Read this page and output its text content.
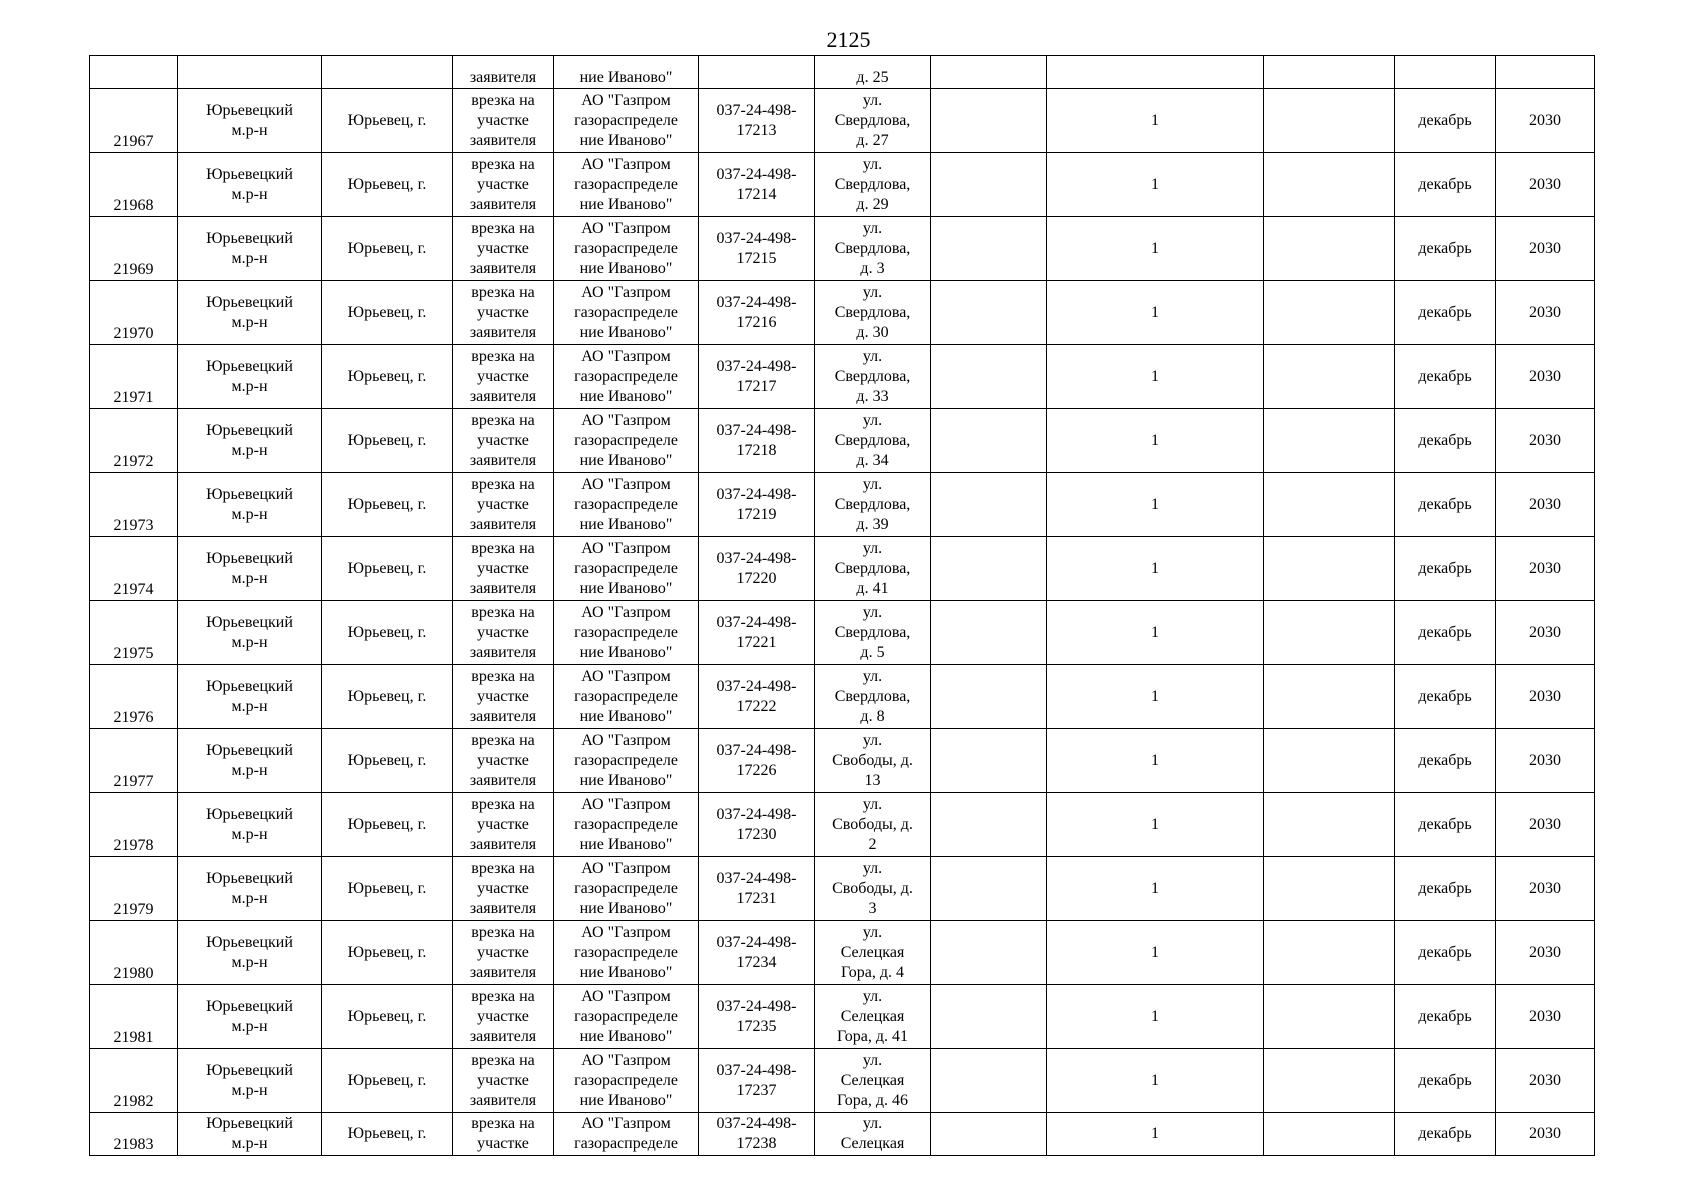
2125

			заявителя	ние Иваново"		д. 25					

21967	Юрьевецкий
м.р-н	Юрьевец, г.	врезка на
участке
заявителя	АО "Газпром
газораспределе
ние Иваново"	037-24-498-
17213	ул.
Свердлова,
д. 27		1		декабрь	2030
21968	Юрьевецкий
м.р-н	Юрьевец, г.	врезка на
участке
заявителя	АО "Газпром
газораспределе
ние Иваново"	037-24-498-
17214	ул.
Свердлова,
д. 29		1		декабрь	2030
21969	Юрьевецкий
м.р-н	Юрьевец, г.	врезка на
участке
заявителя	АО "Газпром
газораспределе
ние Иваново"	037-24-498-
17215	ул.
Свердлова,
д. 3		1		декабрь	2030
21970	Юрьевецкий
м.р-н	Юрьевец, г.	врезка на
участке
заявителя	АО "Газпром
газораспределе
ние Иваново"	037-24-498-
17216	ул.
Свердлова,
д. 30		1		декабрь	2030
21971	Юрьевецкий
м.р-н	Юрьевец, г.	врезка на
участке
заявителя	АО "Газпром
газораспределе
ние Иваново"	037-24-498-
17217	ул.
Свердлова,
д. 33		1		декабрь	2030
21972	Юрьевецкий
м.р-н	Юрьевец, г.	врезка на
участке
заявителя	АО "Газпром
газораспределе
ние Иваново"	037-24-498-
17218	ул.
Свердлова,
д. 34		1		декабрь	2030
21973	Юрьевецкий
м.р-н	Юрьевец, г.	врезка на
участке
заявителя	АО "Газпром
газораспределе
ние Иваново"	037-24-498-
17219	ул.
Свердлова,
д. 39		1		декабрь	2030
21974	Юрьевецкий
м.р-н	Юрьевец, г.	врезка на
участке
заявителя	АО "Газпром
газораспределе
ние Иваново"	037-24-498-
17220	ул.
Свердлова,
д. 41		1		декабрь	2030
21975	Юрьевецкий
м.р-н	Юрьевец, г.	врезка на
участке
заявителя	АО "Газпром
газораспределе
ние Иваново"	037-24-498-
17221	ул.
Свердлова,
д. 5		1		декабрь	2030
21976	Юрьевецкий
м.р-н	Юрьевец, г.	врезка на
участке
заявителя	АО "Газпром
газораспределе
ние Иваново"	037-24-498-
17222	ул.
Свердлова,
д. 8		1		декабрь	2030
21977	Юрьевецкий
м.р-н	Юрьевец, г.	врезка на
участке
заявителя	АО "Газпром
газораспределе
ние Иваново"	037-24-498-
17226	ул.
Свободы, д.
13		1		декабрь	2030
21978	Юрьевецкий
м.р-н	Юрьевец, г.	врезка на
участке
заявителя	АО "Газпром
газораспределе
ние Иваново"	037-24-498-
17230	ул.
Свободы, д.
2		1		декабрь	2030
21979	Юрьевецкий
м.р-н	Юрьевец, г.	врезка на
участке
заявителя	АО "Газпром
газораспределе
ние Иваново"	037-24-498-
17231	ул.
Свободы, д.
3		1		декабрь	2030
21980	Юрьевецкий
м.р-н	Юрьевец, г.	врезка на
участке
заявителя	АО "Газпром
газораспределе
ние Иваново"	037-24-498-
17234	ул.
Селецкая
Гора, д. 4		1		декабрь	2030
21981	Юрьевецкий
м.р-н	Юрьевец, г.	врезка на
участке
заявителя	АО "Газпром
газораспределе
ние Иваново"	037-24-498-
17235	ул.
Селецкая
Гора, д. 41		1		декабрь	2030
21982	Юрьевецкий
м.р-н	Юрьевец, г.	врезка на
участке
заявителя	АО "Газпром
газораспределе
ние Иваново"	037-24-498-
17237	ул.
Селецкая
Гора, д. 46		1		декабрь	2030
21983	Юрьевецкий
м.р-н	Юрьевец, г.	врезка на
участке	АО "Газпром
газораспределе	037-24-498-
17238	ул.
Селецкая		1		декабрь	2030
